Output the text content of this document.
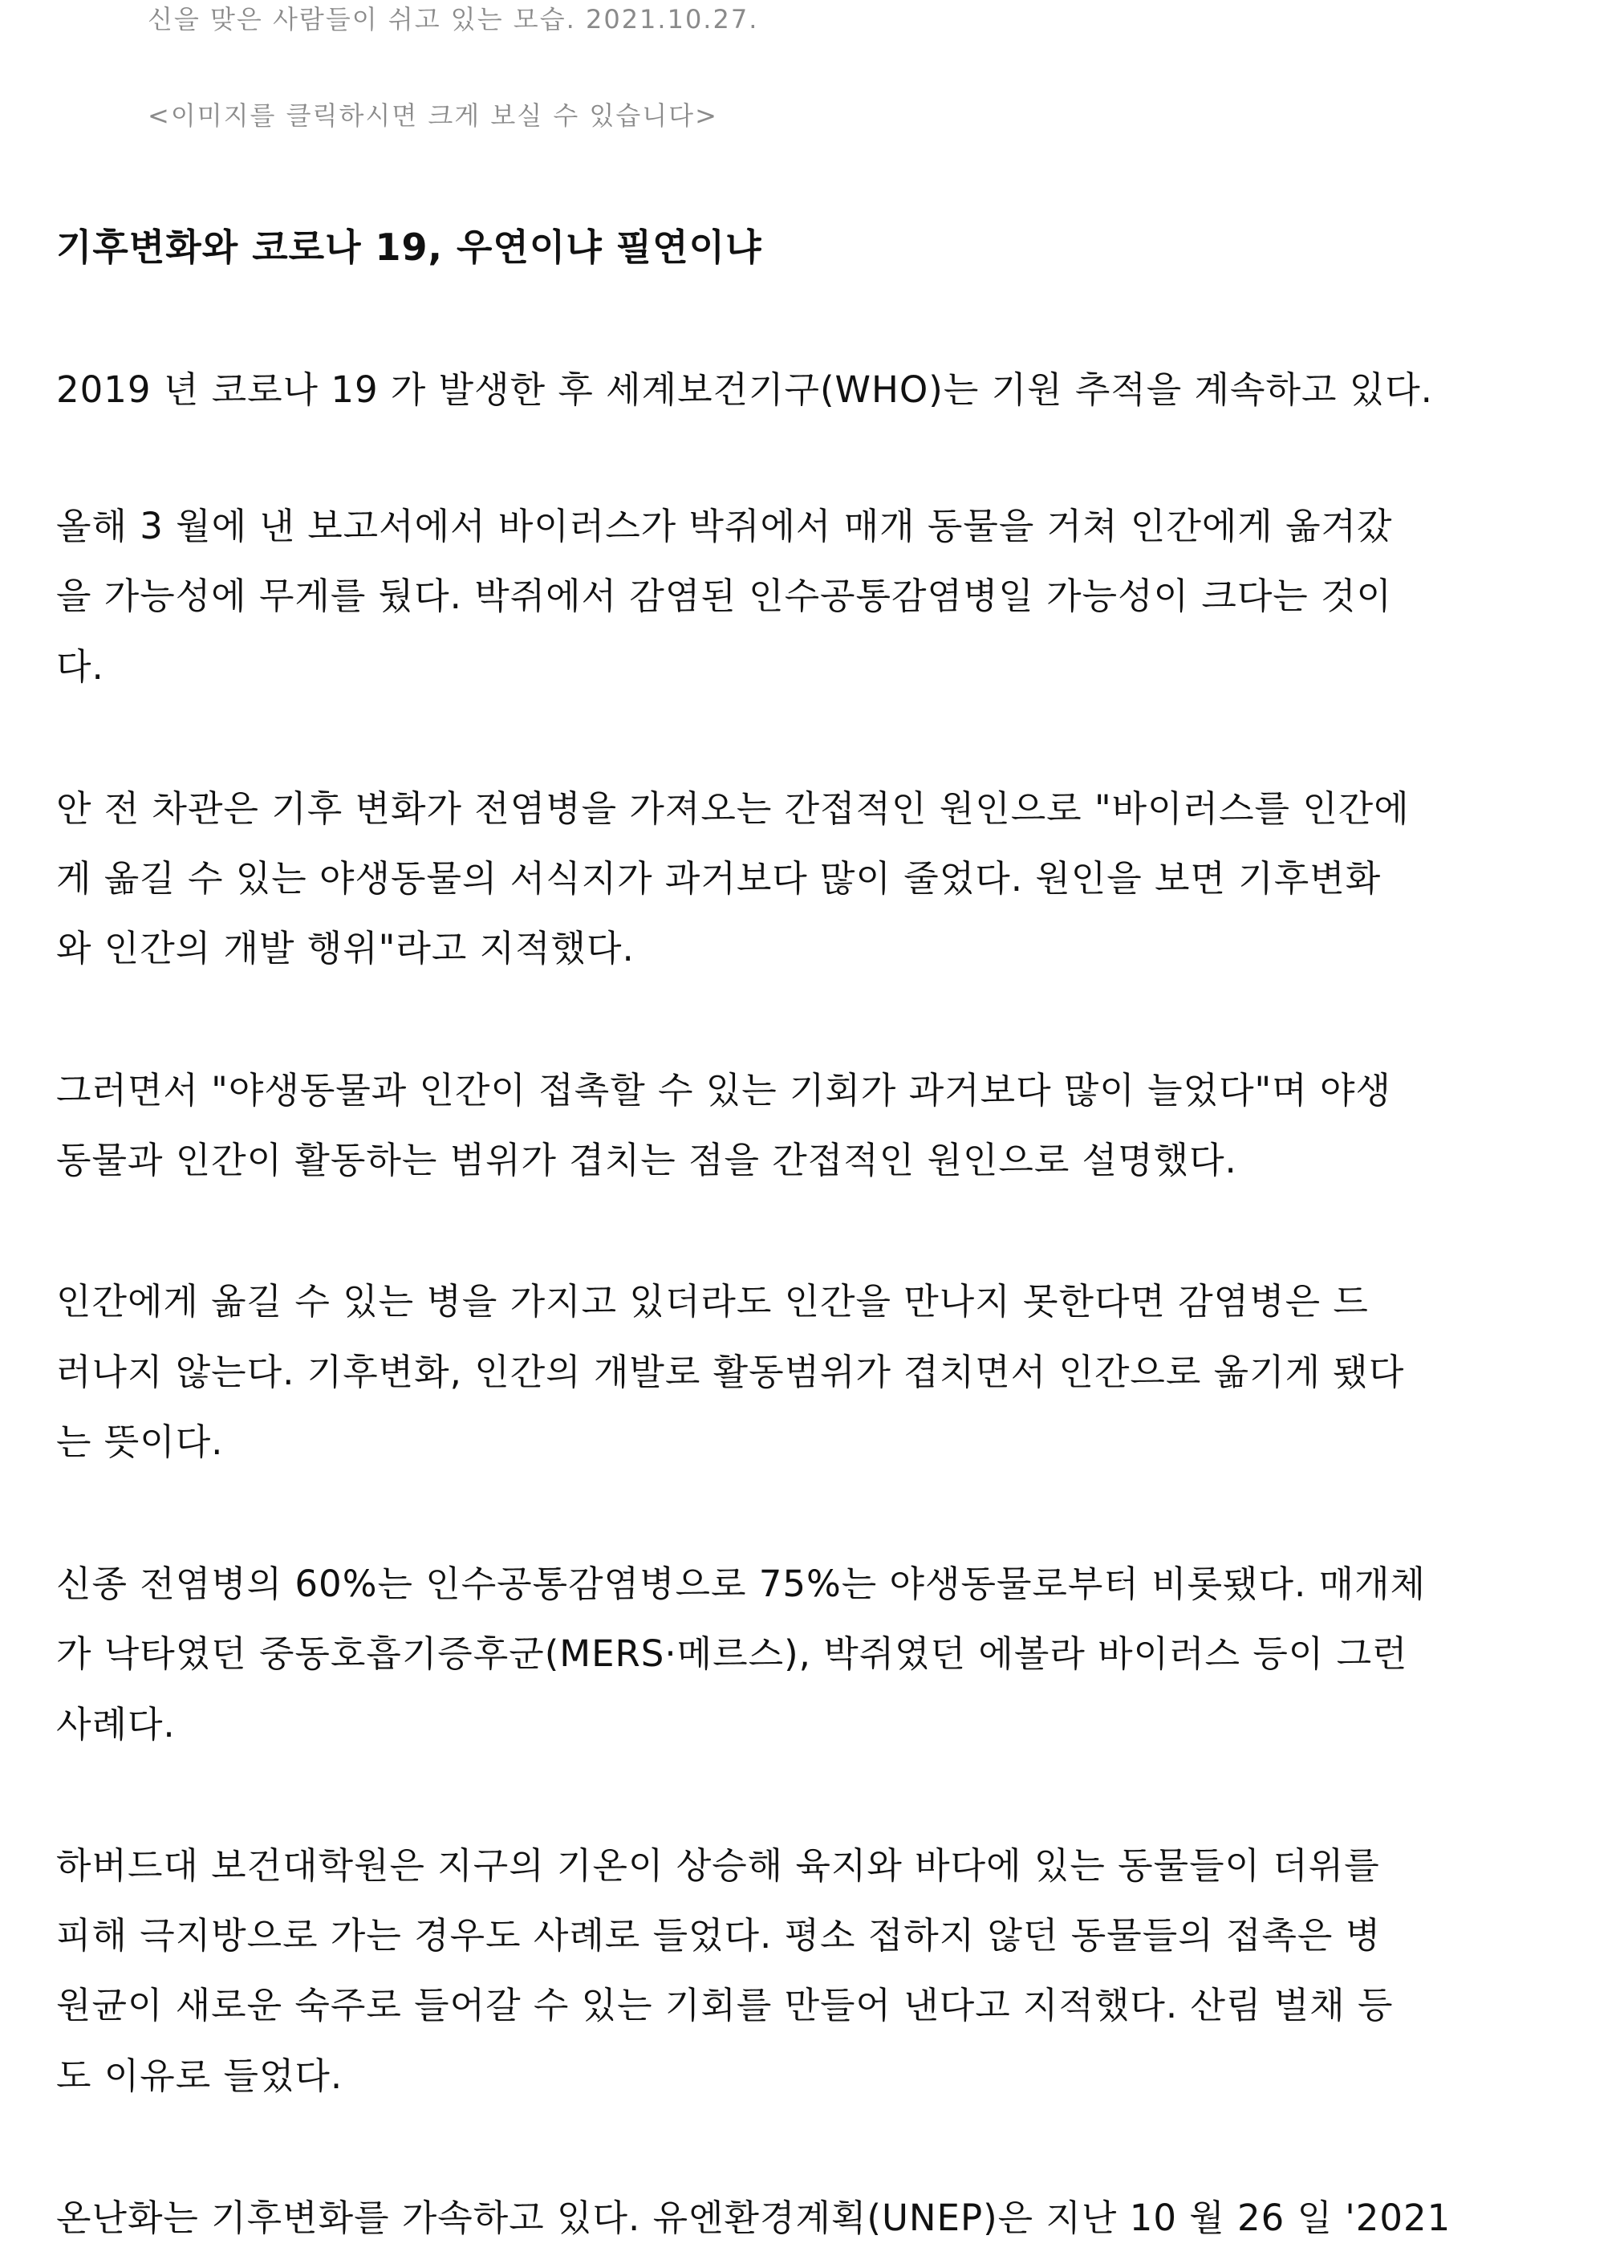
신을 맞은 사람들이 쉬고 있는 모습. 2021.10.27.
<이미지를 클릭하시면 크게 보실 수 있습니다>
기후변화와 코로나 19, 우연이냐 필연이냐
2019 년 코로나 19 가 발생한 후 세계보건기구(WHO)는 기원 추적을 계속하고 있다.
올해 3 월에 낸 보고서에서 바이러스가 박쥐에서 매개 동물을 거쳐 인간에게 옮겨갔
을 가능성에 무게를 뒀다. 박쥐에서 감염된 인수공통감염병일 가능성이 크다는 것이
다.
안 전 차관은 기후 변화가 전염병을 가져오는 간접적인 원인으로 "바이러스를 인간에
게 옮길 수 있는 야생동물의 서식지가 과거보다 많이 줄었다. 원인을 보면 기후변화
와 인간의 개발 행위"라고 지적했다.
그러면서 "야생동물과 인간이 접촉할 수 있는 기회가 과거보다 많이 늘었다"며 야생
동물과 인간이 활동하는 범위가 겹치는 점을 간접적인 원인으로 설명했다.
인간에게 옮길 수 있는 병을 가지고 있더라도 인간을 만나지 못한다면 감염병은 드
러나지 않는다. 기후변화, 인간의 개발로 활동범위가 겹치면서 인간으로 옮기게 됐다
는 뜻이다.
신종 전염병의 60%는 인수공통감염병으로 75%는 야생동물로부터 비롯됐다. 매개체
가 낙타였던 중동호흡기증후군(MERS·메르스), 박쥐였던 에볼라 바이러스 등이 그런
사례다.
하버드대 보건대학원은 지구의 기온이 상승해 육지와 바다에 있는 동물들이 더위를
피해 극지방으로 가는 경우도 사례로 들었다. 평소 접하지 않던 동물들의 접촉은 병
원균이 새로운 숙주로 들어갈 수 있는 기회를 만들어 낸다고 지적했다. 산림 벌채 등
도 이유로 들었다.
온난화는 기후변화를 가속하고 있다. 유엔환경계획(UNEP)은 지난 10 월 26 일 '2021
